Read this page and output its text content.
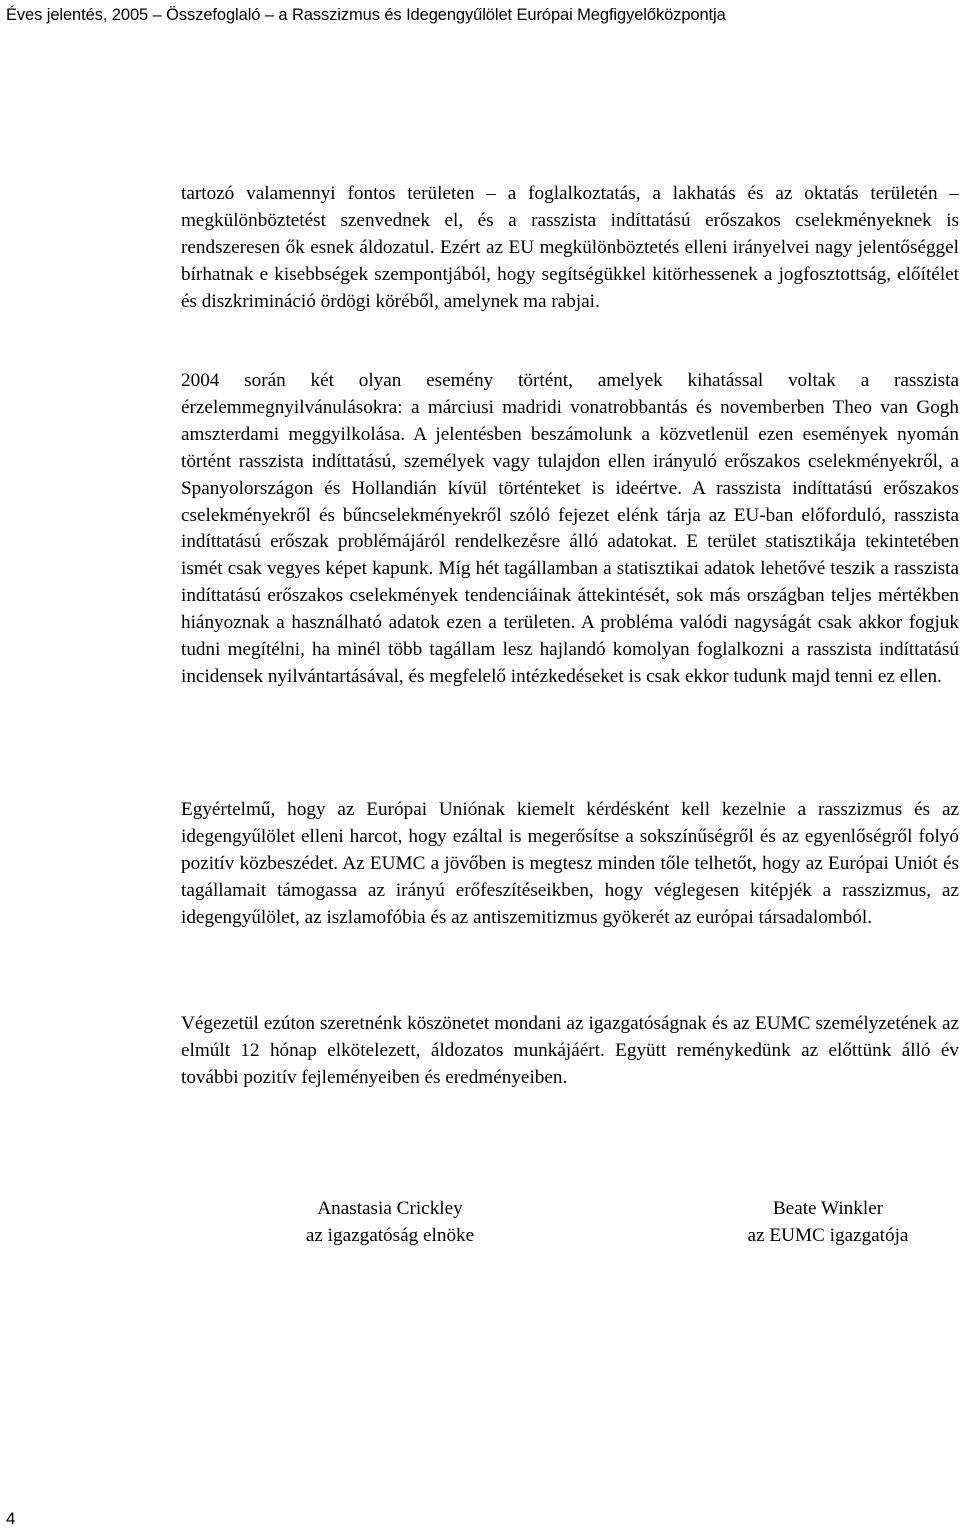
Éves jelentés, 2005 – Összefoglaló – a Rasszizmus és Idegengyűlölet Európai Megfigyelőközpontja

tartozó valamennyi fontos területen – a foglalkoztatás, a lakhatás és az oktatás területén – megkülönböztetést szenvednek el, és a rasszista indíttatású erőszakos cselekményeknek is rendszeresen ők esnek áldozatul. Ezért az EU megkülönböztetés elleni irányelvei nagy jelentőséggel bírhatnak e kisebbségek szempontjából, hogy segítségükkel kitörhessenek a jogfosztottság, előítélet és diszkrimináció ördögi köréből, amelynek ma rabjai.

2004 során két olyan esemény történt, amelyek kihatással voltak a rasszista érzelemmegnyilvánulásokra: a márciusi madridi vonatrobbantás és novemberben Theo van Gogh amszterdami meggyilkolása. A jelentésben beszámolunk a közvetlenül ezen események nyomán történt rasszista indíttatású, személyek vagy tulajdon ellen irányuló erőszakos cselekményekről, a Spanyolországon és Hollandián kívül történteket is ideértve. A rasszista indíttatású erőszakos cselekményekről és bűncselekményekről szóló fejezet elénk tárja az EU-ban előforduló, rasszista indíttatású erőszak problémájáról rendelkezésre álló adatokat. E terület statisztikája tekintetében ismét csak vegyes képet kapunk. Míg hét tagállamban a statisztikai adatok lehetővé teszik a rasszista indíttatású erőszakos cselekmények tendenciáinak áttekintését, sok más országban teljes mértékben hiányoznak a használható adatok ezen a területen. A probléma valódi nagyságát csak akkor fogjuk tudni megítélni, ha minél több tagállam lesz hajlandó komolyan foglalkozni a rasszista indíttatású incidensek nyilvántartásával, és megfelelő intézkedéseket is csak ekkor tudunk majd tenni ez ellen.

Egyértelmű, hogy az Európai Uniónak kiemelt kérdésként kell kezelnie a rasszizmus és az idegengyűlölet elleni harcot, hogy ezáltal is megerősítse a sokszínűségről és az egyenlőségről folyó pozitív közbeszédet. Az EUMC a jövőben is megtesz minden tőle telhetőt, hogy az Európai Uniót és tagállamait támogassa az irányú erőfeszítéseikben, hogy véglegesen kitépjék a rasszizmus, az idegengyűlölet, az iszlamofóbia és az antiszemitizmus gyökerét az európai társadalomból.

Végezetül ezúton szeretnénk köszönetet mondani az igazgatóságnak és az EUMC személyzetének az elmúlt 12 hónap elkötelezett, áldozatos munkájáért. Együtt reménykedünk az előttünk álló év további pozitív fejleményeiben és eredményeiben.

Anastasia Crickley
az igazgatóság elnöke
Beate Winkler
az EUMC igazgatója
4
